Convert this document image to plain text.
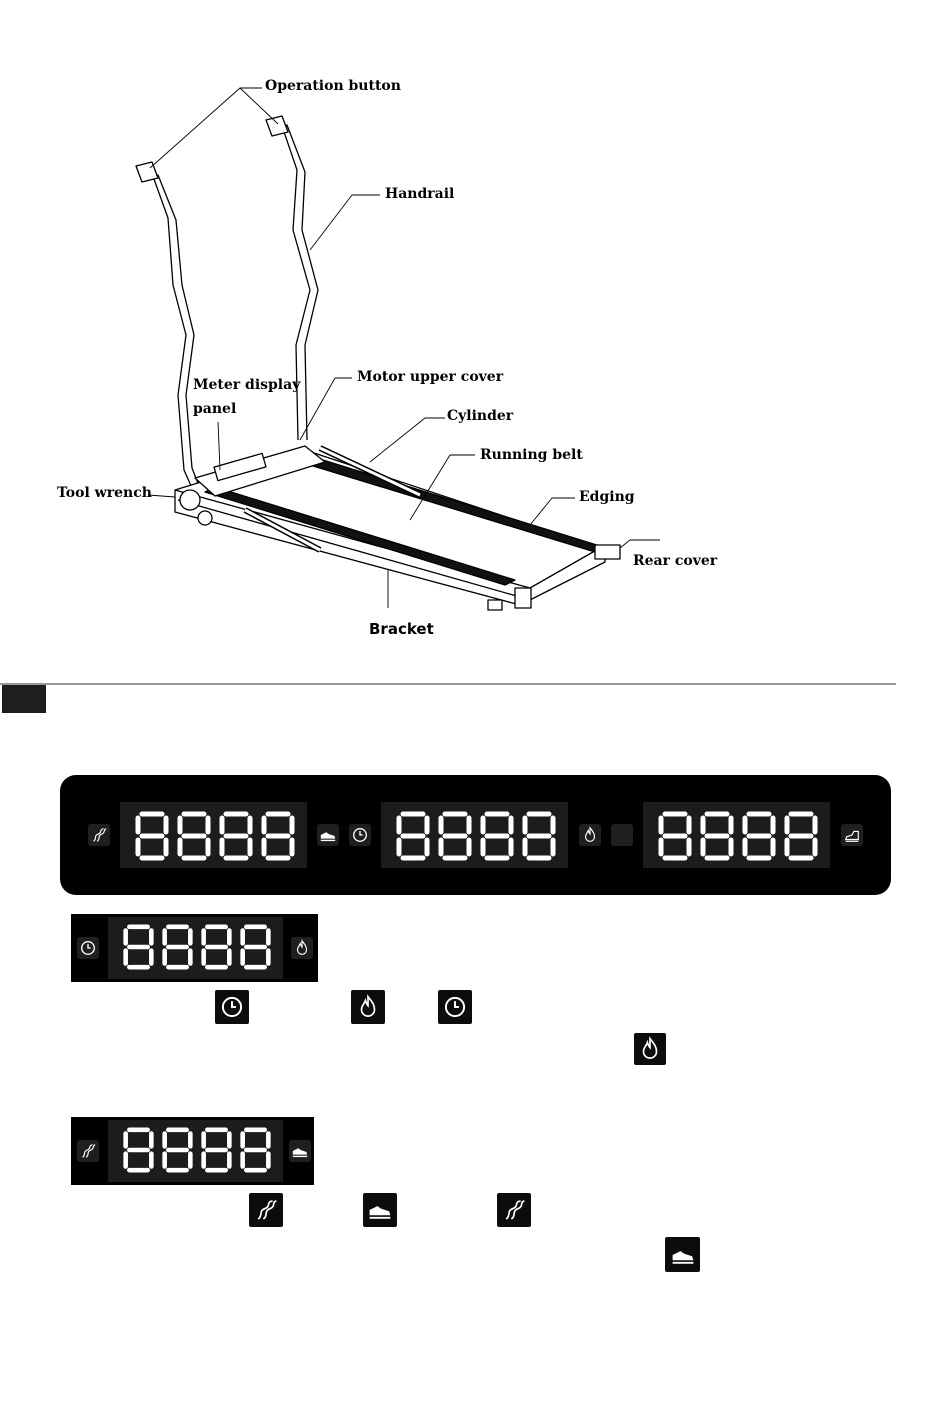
Operation button
Handrail
Motor upper cover
Meter display
panel	Cylinder
Running belt
Tool wrench	Edging
Rear cover
Bracket
